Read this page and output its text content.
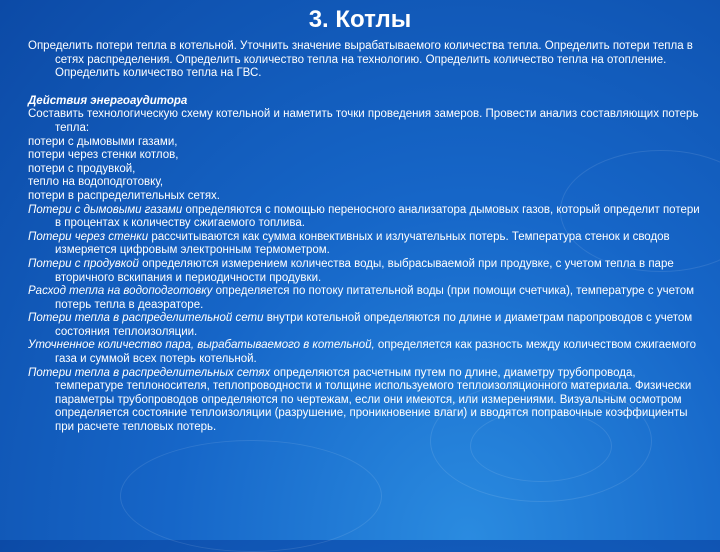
3. Котлы

Определить потери тепла в котельной. Уточнить значение вырабатываемого количества тепла. Определить потери тепла в сетях распределения. Определить количество тепла на технологию. Определить количество тепла на отопление. Определить количество тепла на ГВС.

Действия энергоаудитора

Составить технологическую схему котельной и наметить точки проведения замеров. Провести анализ составляющих потерь тепла:

потери с дымовыми газами,

потери через стенки котлов,

потери с продувкой,

тепло на водоподготовку,

потери в распределительных сетях.

Потери с дымовыми газами определяются с помощью переносного анализатора дымовых газов, который определит потери в процентах к количеству сжигаемого топлива.

Потери через стенки рассчитываются как сумма конвективных и излучательных потерь. Температура стенок и сводов измеряется цифровым электронным термометром.

Потери с продувкой определяются измерением количества воды, выбрасываемой при продувке, с учетом тепла в паре вторичного вскипания и периодичности продувки.

Расход тепла на водоподготовку определяется по потоку питательной воды (при помощи счетчика), температуре с учетом потерь тепла в деаэраторе.

Потери тепла в распределительной сети внутри котельной определяются по длине и диаметрам паропроводов с учетом состояния теплоизоляции.

Уточненное количество пара, вырабатываемого в котельной, определяется как разность между количеством сжигаемого газа и суммой всех потерь котельной.

Потери тепла в распределительных сетях определяются расчетным путем по длине, диаметру трубопровода, температуре теплоносителя, теплопроводности и толщине используемого теплоизоляционного материала. Физически параметры трубопроводов определяются по чертежам, если они имеются, или измерениями. Визуальным осмотром определяется состояние теплоизоляции (разрушение, проникновение влаги) и вводятся поправочные коэффициенты при расчете тепловых потерь.
